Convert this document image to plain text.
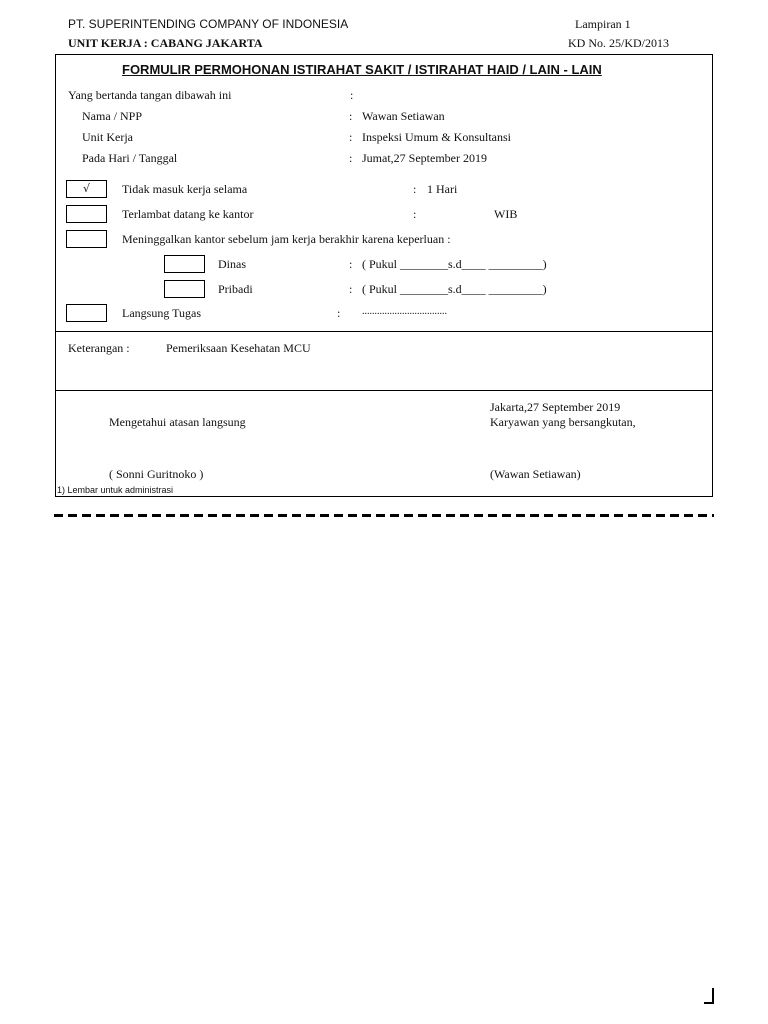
PT. SUPERINTENDING COMPANY OF INDONESIA
UNIT KERJA : CABANG JAKARTA
Lampiran 1
KD No. 25/KD/2013
FORMULIR PERMOHONAN ISTIRAHAT SAKIT / ISTIRAHAT HAID / LAIN - LAIN
Yang bertanda tangan dibawah ini	:
Nama / NPP	: Wawan Setiawan
Unit Kerja	: Inspeksi Umum & Konsultansi
Pada Hari / Tanggal	: Jumat,27 September 2019
√	Tidak masuk kerja selama	: 1 Hari
Terlambat datang ke kantor	:	WIB
Meninggalkan kantor sebelum jam kerja berakhir karena keperluan :
Dinas	: ( Pukul ________s.d____ _________)
Pribadi	: ( Pukul ________s.d____ _________)
Langsung Tugas	: ..................................
Keterangan :	Pemeriksaan Kesehatan MCU
Jakarta,27 September 2019
Mengetahui atasan langsung	Karyawan yang bersangkutan,
( Sonni Guritnoko )	(Wawan Setiawan)
1) Lembar untuk administrasi
